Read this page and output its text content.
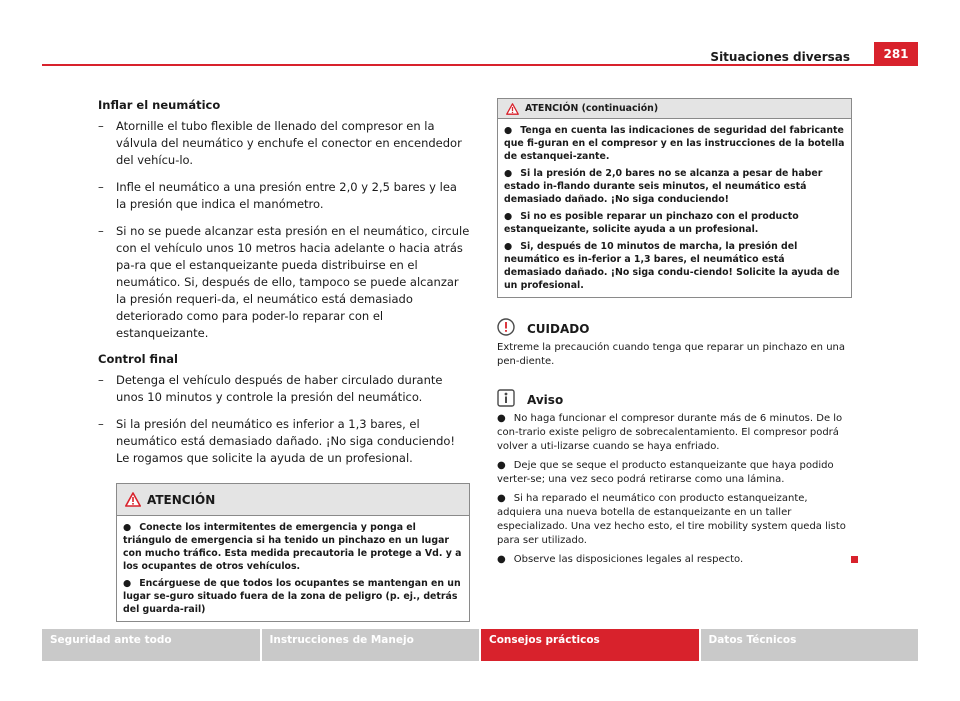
Situaciones diversas	281
Inflar el neumático
– Atornille el tubo flexible de llenado del compresor en la válvula del neumático y enchufe el conector en encendedor del vehícu-lo.
– Infle el neumático a una presión entre 2,0 y 2,5 bares y lea la presión que indica el manómetro.
– Si no se puede alcanzar esta presión en el neumático, circule con el vehículo unos 10 metros hacia adelante o hacia atrás pa-ra que el estanqueizante pueda distribuirse en el neumático. Si, después de ello, tampoco se puede alcanzar la presión requeri-da, el neumático está demasiado deteriorado como para poder-lo reparar con el estanqueizante.
Control final
– Detenga el vehículo después de haber circulado durante unos 10 minutos y controle la presión del neumático.
– Si la presión del neumático es inferior a 1,3 bares, el neumático está demasiado dañado. ¡No siga conduciendo! Le rogamos que solicite la ayuda de un profesional.
ATENCIÓN
● Conecte los intermitentes de emergencia y ponga el triángulo de emergencia si ha tenido un pinchazo en un lugar con mucho tráfico. Esta medida precautoria le protege a Vd. y a los ocupantes de otros vehículos.
● Encárguese de que todos los ocupantes se mantengan en un lugar se-guro situado fuera de la zona de peligro (p. ej., detrás del guarda-rail)
ATENCIÓN (continuación)
● Tenga en cuenta las indicaciones de seguridad del fabricante que fi-guran en el compresor y en las instrucciones de la botella de estanquei-zante.
● Si la presión de 2,0 bares no se alcanza a pesar de haber estado in-flando durante seis minutos, el neumático está demasiado dañado. ¡No siga conduciendo!
● Si no es posible reparar un pinchazo con el producto estanqueizante, solicite ayuda a un profesional.
● Si, después de 10 minutos de marcha, la presión del neumático es in-ferior a 1,3 bares, el neumático está demasiado dañado. ¡No siga condu-ciendo! Solicite la ayuda de un profesional.
CUIDADO
Extreme la precaución cuando tenga que reparar un pinchazo en una pen-diente.
Aviso
● No haga funcionar el compresor durante más de 6 minutos. De lo con-trario existe peligro de sobrecalentamiento. El compresor podrá volver a uti-lizarse cuando se haya enfriado.
● Deje que se seque el producto estanqueizante que haya podido verter-se; una vez seco podrá retirarse como una lámina.
● Si ha reparado el neumático con producto estanqueizante, adquiera una nueva botella de estanqueizante en un taller especializado. Una vez hecho esto, el tire mobility system queda listo para ser utilizado.
● Observe las disposiciones legales al respecto.
Seguridad ante todo	Instrucciones de Manejo	Consejos prácticos	Datos Técnicos
